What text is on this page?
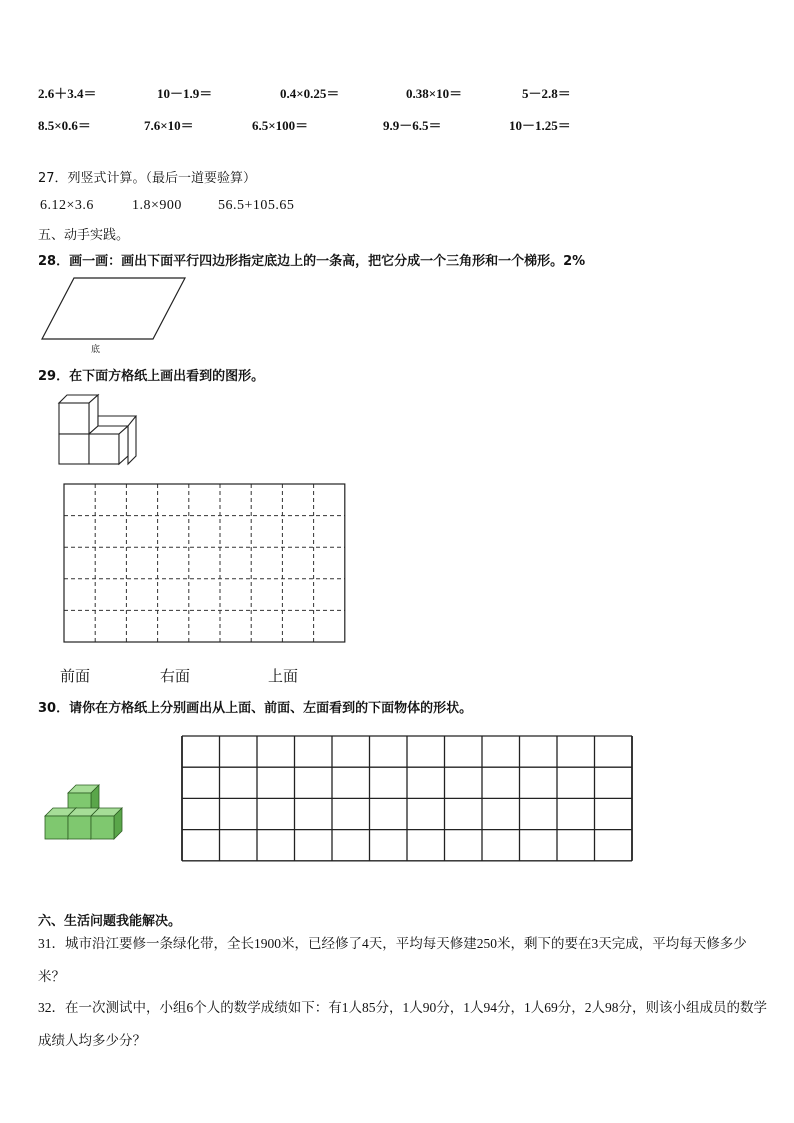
2.6＋3.4＝	10－1.9＝	0.4×0.25＝	0.38×10＝	5－2.8＝
8.5×0.6＝	7.6×10＝	6.5×100＝	9.9－6.5＝	10－1.25＝
27．列竖式计算。（最后一道要验算）
6.12×3.6	1.8×900	56.5+105.65
五、动手实践。
28．画一画：画出下面平行四边形指定底边上的一条高，把它分成一个三角形和一个梯形。2%
底
29．在下面方格纸上画出看到的图形。
前面	右面	上面
30．请你在方格纸上分别画出从上面、前面、左面看到的下面物体的形状。
六、生活问题我能解决。
31．城市沿江要修一条绿化带，全长1900米，已经修了4天，平均每天修建250米，剩下的要在3天完成，平均每天修多少米？
32．在一次测试中，小组6个人的数学成绩如下：有1人85分，1人90分，1人94分，1人69分，2人98分，则该小组成员的数学成绩人均多少分？
